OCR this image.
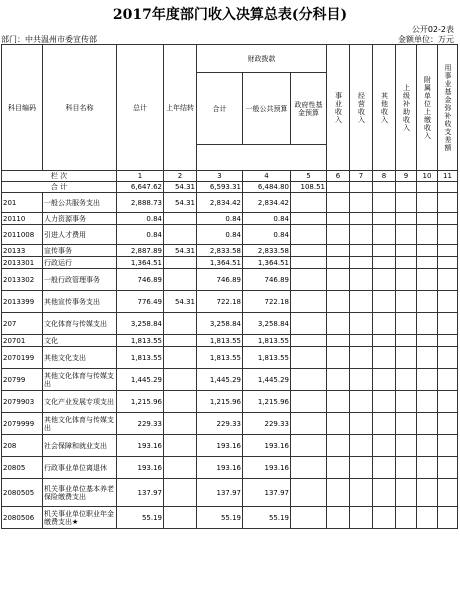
2017年度部门收入决算总表(分科目)
公开02-2表
部门：中共温州市委宣传部	金额单位：万元
科目编码	科目名称	总计	上年结转	财政拨款			事业收入	经营收入	其他收入	上级补助收入	附属单位上缴收入	用事业基金弥补收支差额

				合计	一般公共预算	政府性基金预算						

栏 次		1	2	3	4	5	6	7	8	9	10	11
合 计		6,647.62	54.31	6,593.31	6,484.80	108.51						
201	一般公共服务支出	2,888.73	54.31	2,834.42	2,834.42							
20110	人力资源事务	0.84		0.84	0.84							
2011008	引进人才费用	0.84		0.84	0.84							
20133	宣传事务	2,887.89	54.31	2,833.58	2,833.58							
2013301	行政运行	1,364.51		1,364.51	1,364.51							
2013302	一般行政管理事务	746.89		746.89	746.89							
2013399	其他宣传事务支出	776.49	54.31	722.18	722.18							
207	文化体育与传媒支出	3,258.84		3,258.84	3,258.84							
20701	文化	1,813.55		1,813.55	1,813.55							
2070199	其他文化支出	1,813.55		1,813.55	1,813.55							
20799	其他文化体育与传媒支出	1,445.29		1,445.29	1,445.29							
2079903	文化产业发展专项支出	1,215.96		1,215.96	1,215.96							
2079999	其他文化体育与传媒支出	229.33		229.33	229.33							
208	社会保障和就业支出	193.16		193.16	193.16							
20805	行政事业单位离退休	193.16		193.16	193.16							
2080505	机关事业单位基本养老保险缴费支出	137.97		137.97	137.97							
2080506	机关事业单位职业年金缴费支出★	55.19		55.19	55.19							
